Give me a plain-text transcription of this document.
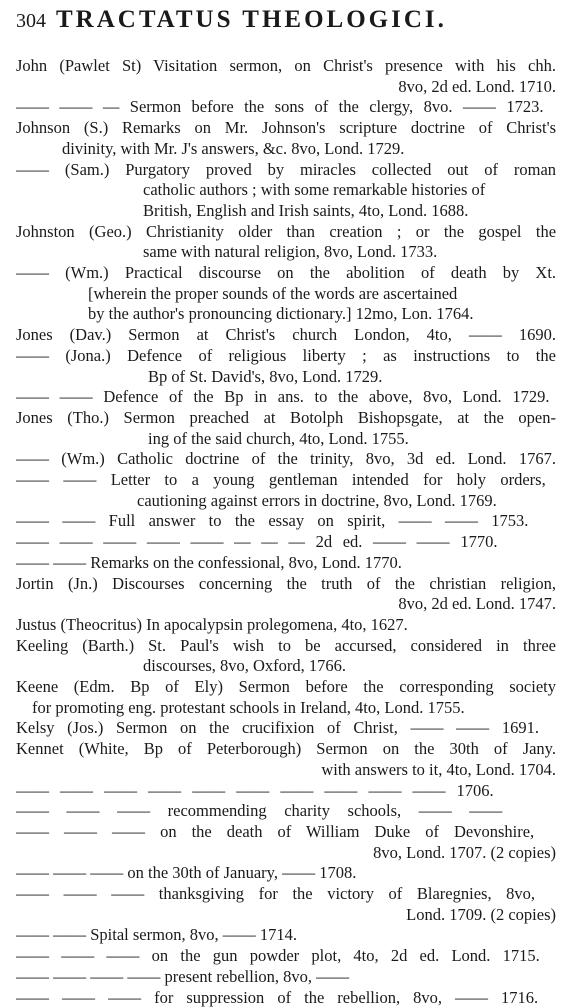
304 TRACTATUS THEOLOGICI.
John (Pawlet St) Visitation sermon, on Christ's presence with his chh.
8vo, 2d ed. Lond. 1710.
—— —— — Sermon before the sons of the clergy, 8vo. —— 1723.
Johnson (S.) Remarks on Mr. Johnson's scripture doctrine of Christ's
divinity, with Mr. J's answers, &c. 8vo, Lond. 1729.
—— (Sam.) Purgatory proved by miracles collected out of roman
catholic authors ; with some remarkable histories of
British, English and Irish saints, 4to, Lond. 1688.
Johnston (Geo.) Christianity older than creation ; or the gospel the
same with natural religion, 8vo, Lond. 1733.
—— (Wm.) Practical discourse on the abolition of death by Xt.
[wherein the proper sounds of the words are ascertained
by the author's pronouncing dictionary.] 12mo, Lon. 1764.
Jones (Dav.) Sermon at Christ's church London, 4to, —— 1690.
—— (Jona.) Defence of religious liberty ; as instructions to the
Bp of St. David's, 8vo, Lond. 1729.
—— —— Defence of the Bp in ans. to the above, 8vo, Lond. 1729.
Jones (Tho.) Sermon preached at Botolph Bishopsgate, at the open-
ing of the said church, 4to, Lond. 1755.
—— (Wm.) Catholic doctrine of the trinity, 8vo, 3d ed. Lond. 1767.
—— —— Letter to a young gentleman intended for holy orders,
cautioning against errors in doctrine, 8vo, Lond. 1769.
—— —— Full answer to the essay on spirit, —— —— 1753.
—— —— —— —— —— — — — 2d ed. —— —— 1770.
—— —— Remarks on the confessional, 8vo, Lond. 1770.
Jortin (Jn.) Discourses concerning the truth of the christian religion,
8vo, 2d ed. Lond. 1747.
Justus (Theocritus) In apocalypsin prolegomena, 4to, 1627.
Keeling (Barth.) St. Paul's wish to be accursed, considered in three
discourses, 8vo, Oxford, 1766.
Keene (Edm. Bp of Ely) Sermon before the corresponding society
for promoting eng. protestant schools in Ireland, 4to, Lond. 1755.
Kelsy (Jos.) Sermon on the crucifixion of Christ, —— —— 1691.
Kennet (White, Bp of Peterborough) Sermon on the 30th of Jany.
with answers to it, 4to, Lond. 1704.
—— —— —— —— —— —— —— —— —— —— 1706.
—— —— —— recommending charity schools, —— ——
—— —— —— on the death of William Duke of Devonshire,
8vo, Lond. 1707. (2 copies)
—— —— —— on the 30th of January, —— 1708.
—— —— —— thanksgiving for the victory of Blaregnies, 8vo,
Lond. 1709. (2 copies)
—— —— Spital sermon, 8vo, —— 1714.
—— —— —— on the gun powder plot, 4to, 2d ed. Lond. 1715.
—— —— —— —— present rebellion, 8vo, ——
—— —— —— for suppression of the rebellion, 8vo, —— 1716.
